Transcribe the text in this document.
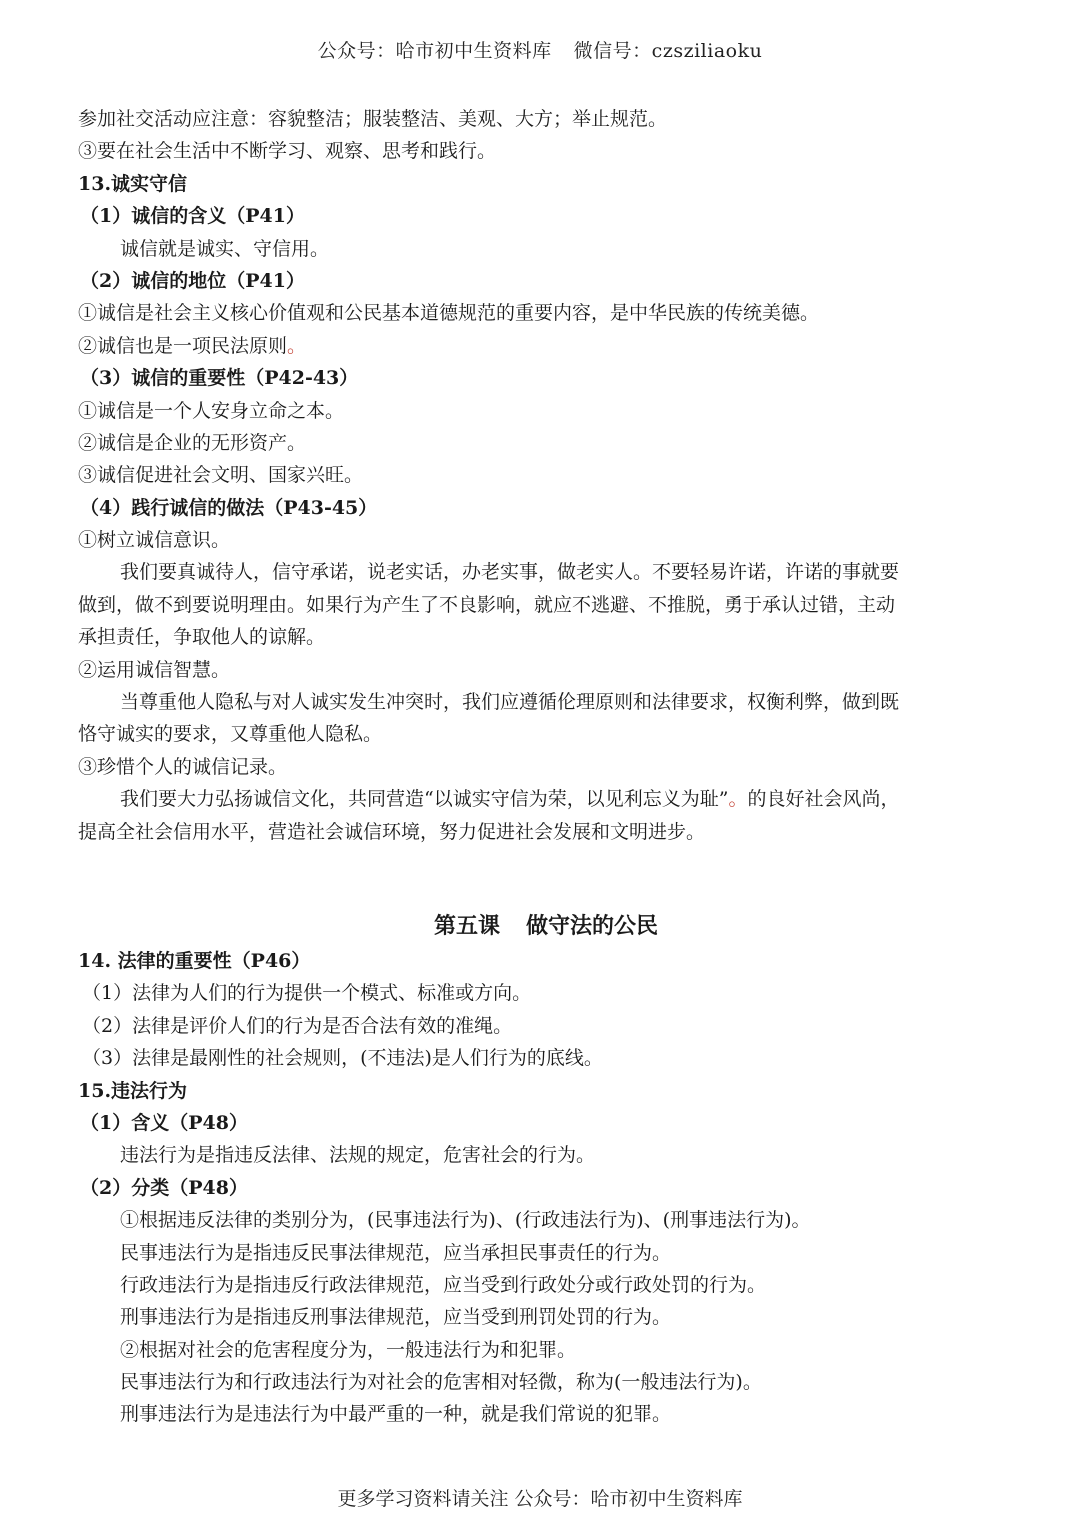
公众号：哈市初中生资料库 微信号：czsziliaoku
参加社交活动应注意：容貌整洁；服装整洁、美观、大方；举止规范。
③要在社会生活中不断学习、观察、思考和践行。
13.诚实守信
（1）诚信的含义（P41）
诚信就是诚实、守信用。
（2）诚信的地位（P41）
①诚信是社会主义核心价值观和公民基本道德规范的重要内容，是中华民族的传统美德。
②诚信也是一项民法原则。
（3）诚信的重要性（P42-43）
①诚信是一个人安身立命之本。
②诚信是企业的无形资产。
③诚信促进社会文明、国家兴旺。
（4）践行诚信的做法（P43-45）
①树立诚信意识。
我们要真诚待人，信守承诺，说老实话，办老实事，做老实人。不要轻易许诺，许诺的事就要
做到，做不到要说明理由。如果行为产生了不良影响，就应不逃避、不推脱，勇于承认过错，主动
承担责任，争取他人的谅解。
②运用诚信智慧。
当尊重他人隐私与对人诚实发生冲突时，我们应遵循伦理原则和法律要求，权衡利弊，做到既
恪守诚实的要求，又尊重他人隐私。
③珍惜个人的诚信记录。
我们要大力弘扬诚信文化，共同营造“以诚实守信为荣，以见利忘义为耻”。的良好社会风尚，
提高全社会信用水平，营造社会诚信环境，努力促进社会发展和文明进步。
第五课 做守法的公民
14. 法律的重要性（P46）
（1）法律为人们的行为提供一个模式、标准或方向。
（2）法律是评价人们的行为是否合法有效的准绳。
（3）法律是最刚性的社会规则，(不违法)是人们行为的底线。
15.违法行为
（1）含义（P48）
违法行为是指违反法律、法规的规定，危害社会的行为。
（2）分类（P48）
①根据违反法律的类别分为，(民事违法行为)、(行政违法行为)、(刑事违法行为)。
民事违法行为是指违反民事法律规范，应当承担民事责任的行为。
行政违法行为是指违反行政法律规范，应当受到行政处分或行政处罚的行为。
刑事违法行为是指违反刑事法律规范，应当受到刑罚处罚的行为。
②根据对社会的危害程度分为，一般违法行为和犯罪。
民事违法行为和行政违法行为对社会的危害相对轻微，称为(一般违法行为)。
刑事违法行为是违法行为中最严重的一种，就是我们常说的犯罪。
更多学习资料请关注 公众号：哈市初中生资料库
